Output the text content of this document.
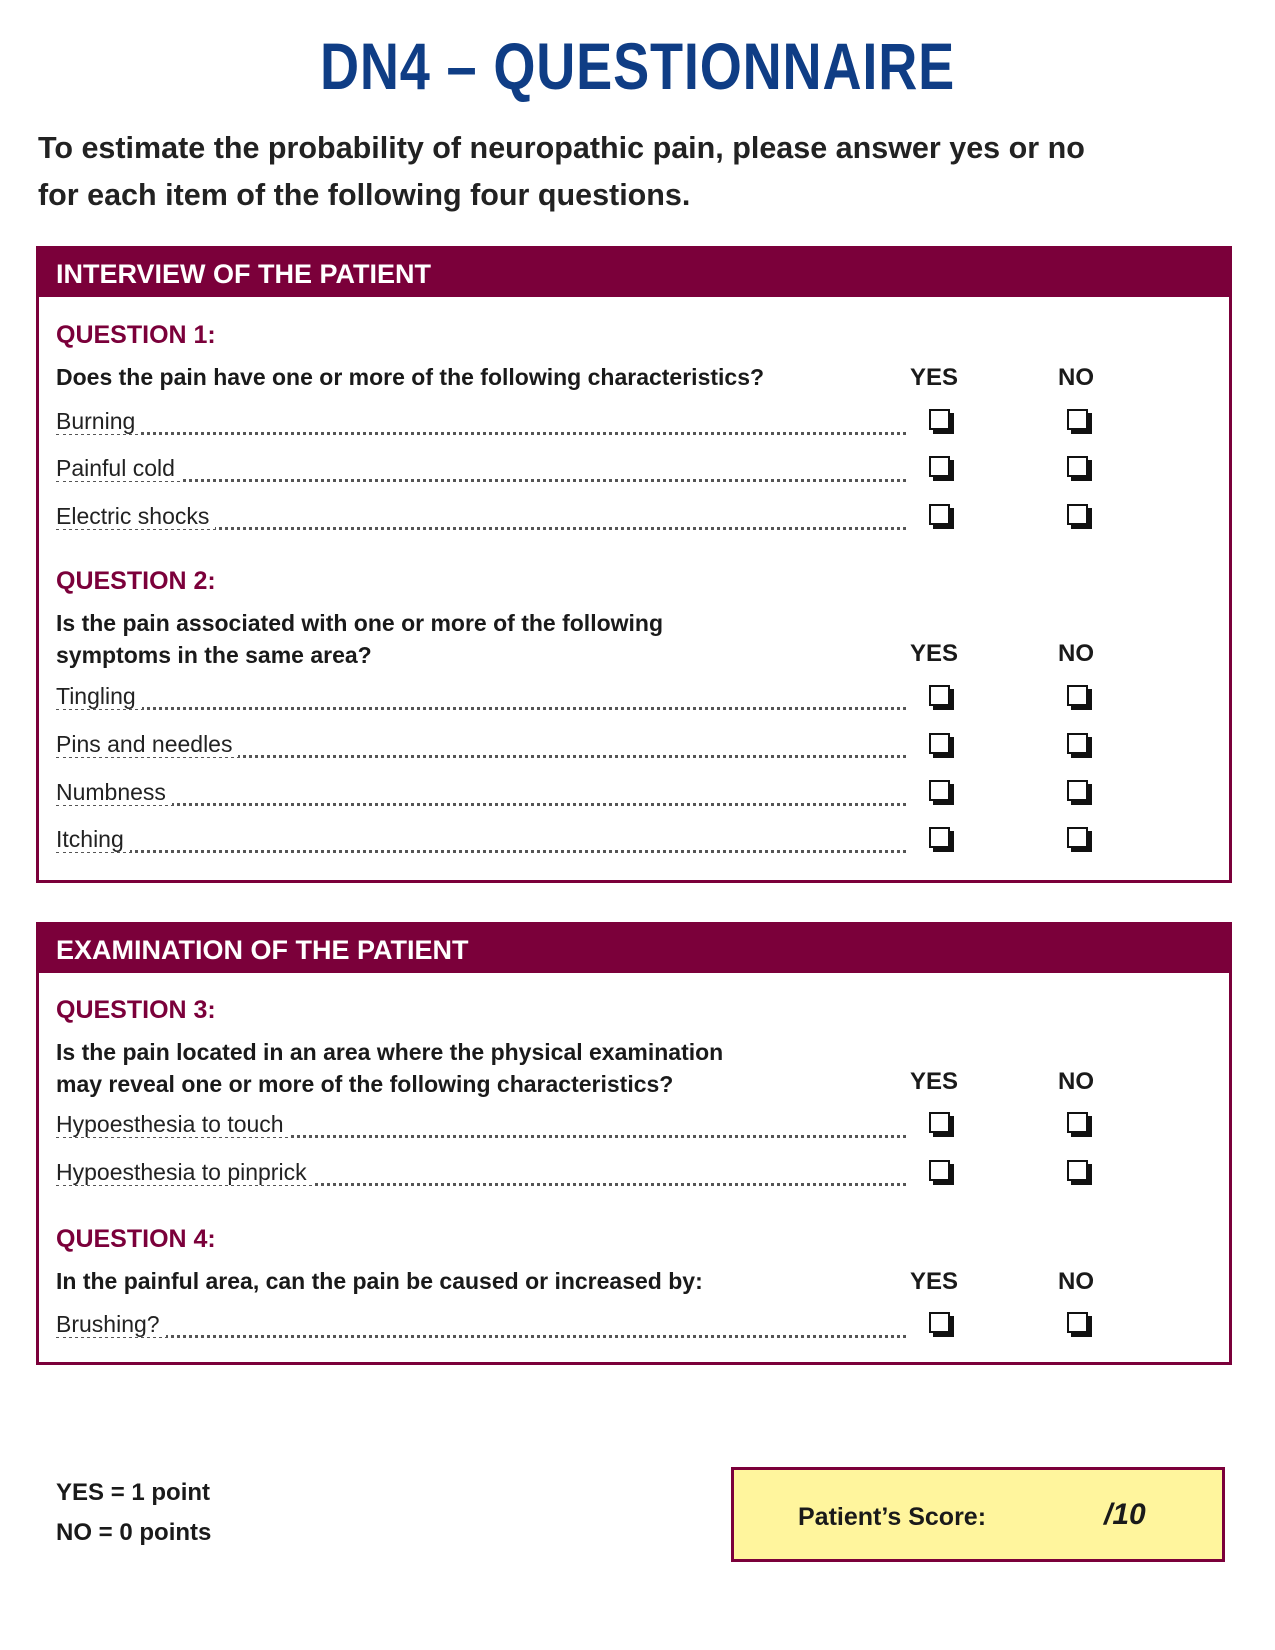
DN4 – QUESTIONNAIRE
To estimate the probability of neuropathic pain, please answer yes or no
for each item of the following four questions.
INTERVIEW OF THE PATIENT
QUESTION 1:
Does the pain have one or more of the following characteristics?	YES	NO
Burning
Painful cold
Electric shocks
QUESTION 2:
Is the pain associated with one or more of the following
symptoms in the same area?	YES	NO
Tingling
Pins and needles
Numbness
Itching
EXAMINATION OF THE PATIENT
QUESTION 3:
Is the pain located in an area where the physical examination
may reveal one or more of the following characteristics?	YES	NO
Hypoesthesia to touch
Hypoesthesia to pinprick
QUESTION 4:
In the painful area, can the pain be caused or increased by:	YES	NO
Brushing?
YES = 1 point
NO = 0 points
Patient’s Score:	/10
